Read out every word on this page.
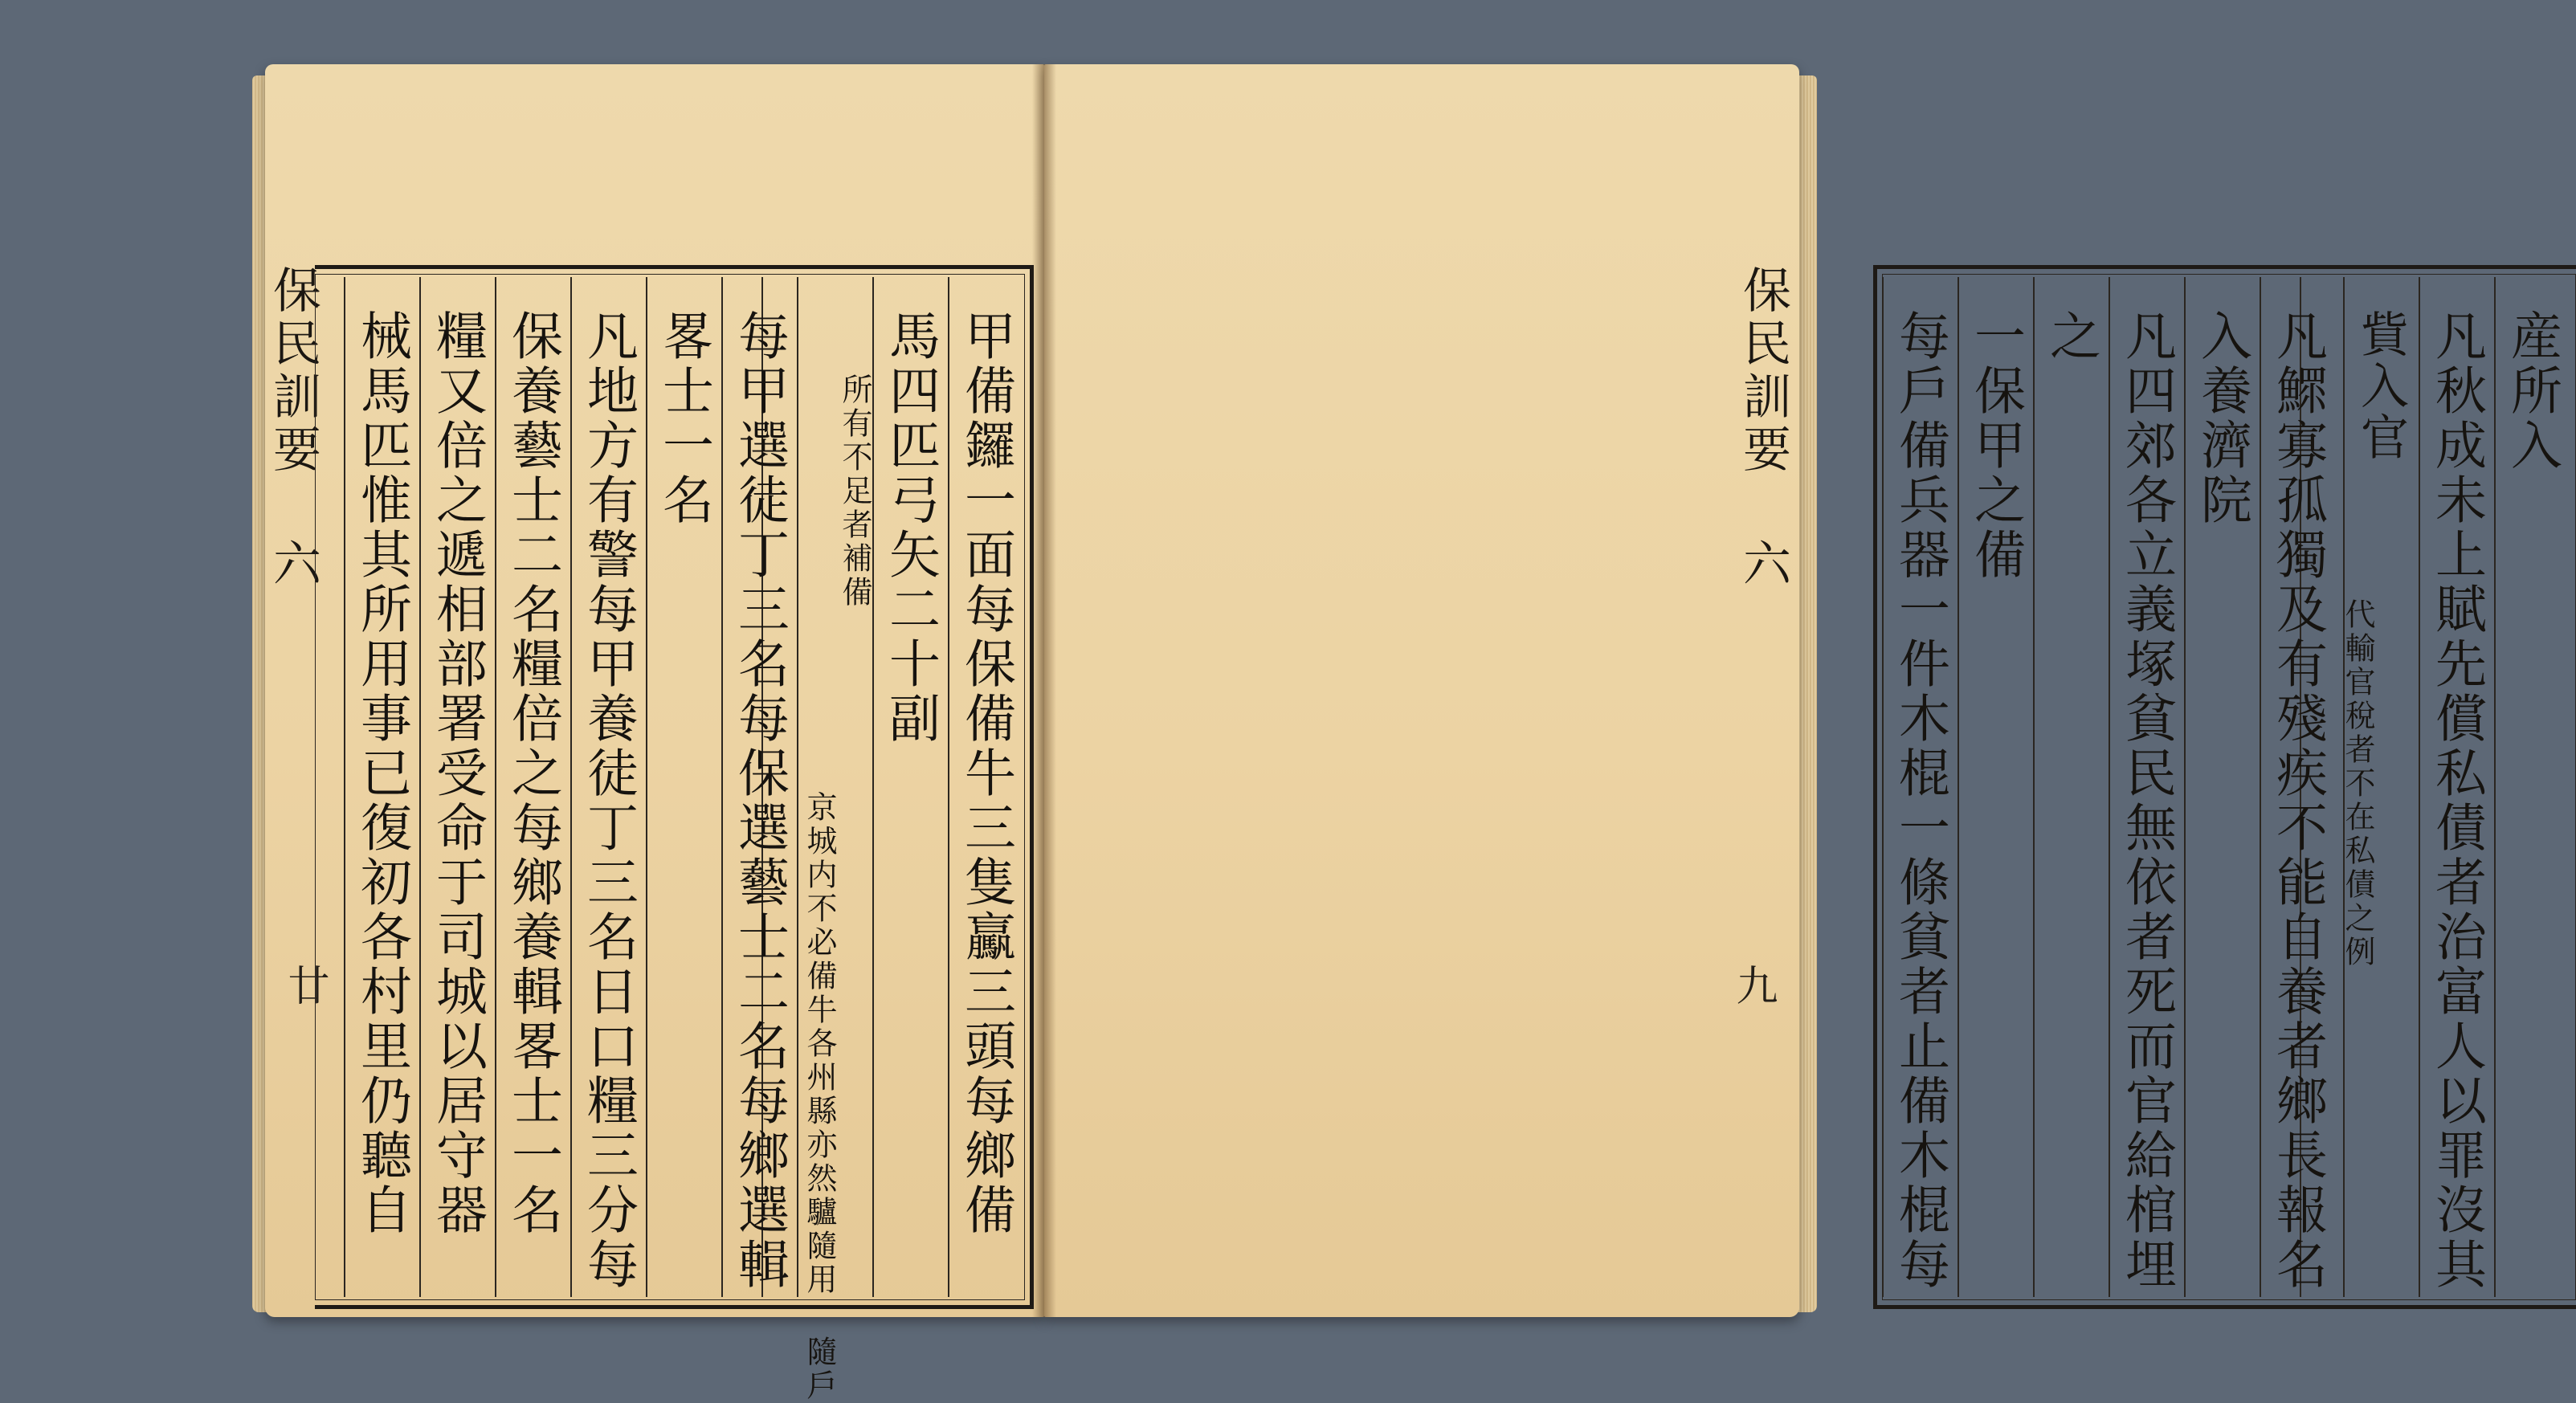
保民訓要 六
廿	甲備鑼一面每保備牛三隻驘三頭每鄉備
馬四匹弓矢二十副
所有不足者補備
京城内不必備牛各州縣亦然驢隨用 隨戶
每甲選徒丁三名每保選藝士二名每鄉選輯
畧士一名
凡地方有警每甲養徒丁三名日口糧三分每
保養藝士二名糧倍之每鄉養輯畧士一名
糧又倍之遞相部署受命于司城以居守器
械馬匹惟其所用事已復初各村里仍聽自	保民訓要 六
九
産所入
凡秋成未上賦先償私債者治富人以罪沒其
貲入官
代輸官稅者不在私債之例
凡鰥寡孤獨及有殘疾不能自養者鄉長報名
入養濟院
凡四郊各立義塚貧民無依者死而官給棺埋
之
一保甲之備
每戶備兵器一件木棍一條貧者止備木棍每
